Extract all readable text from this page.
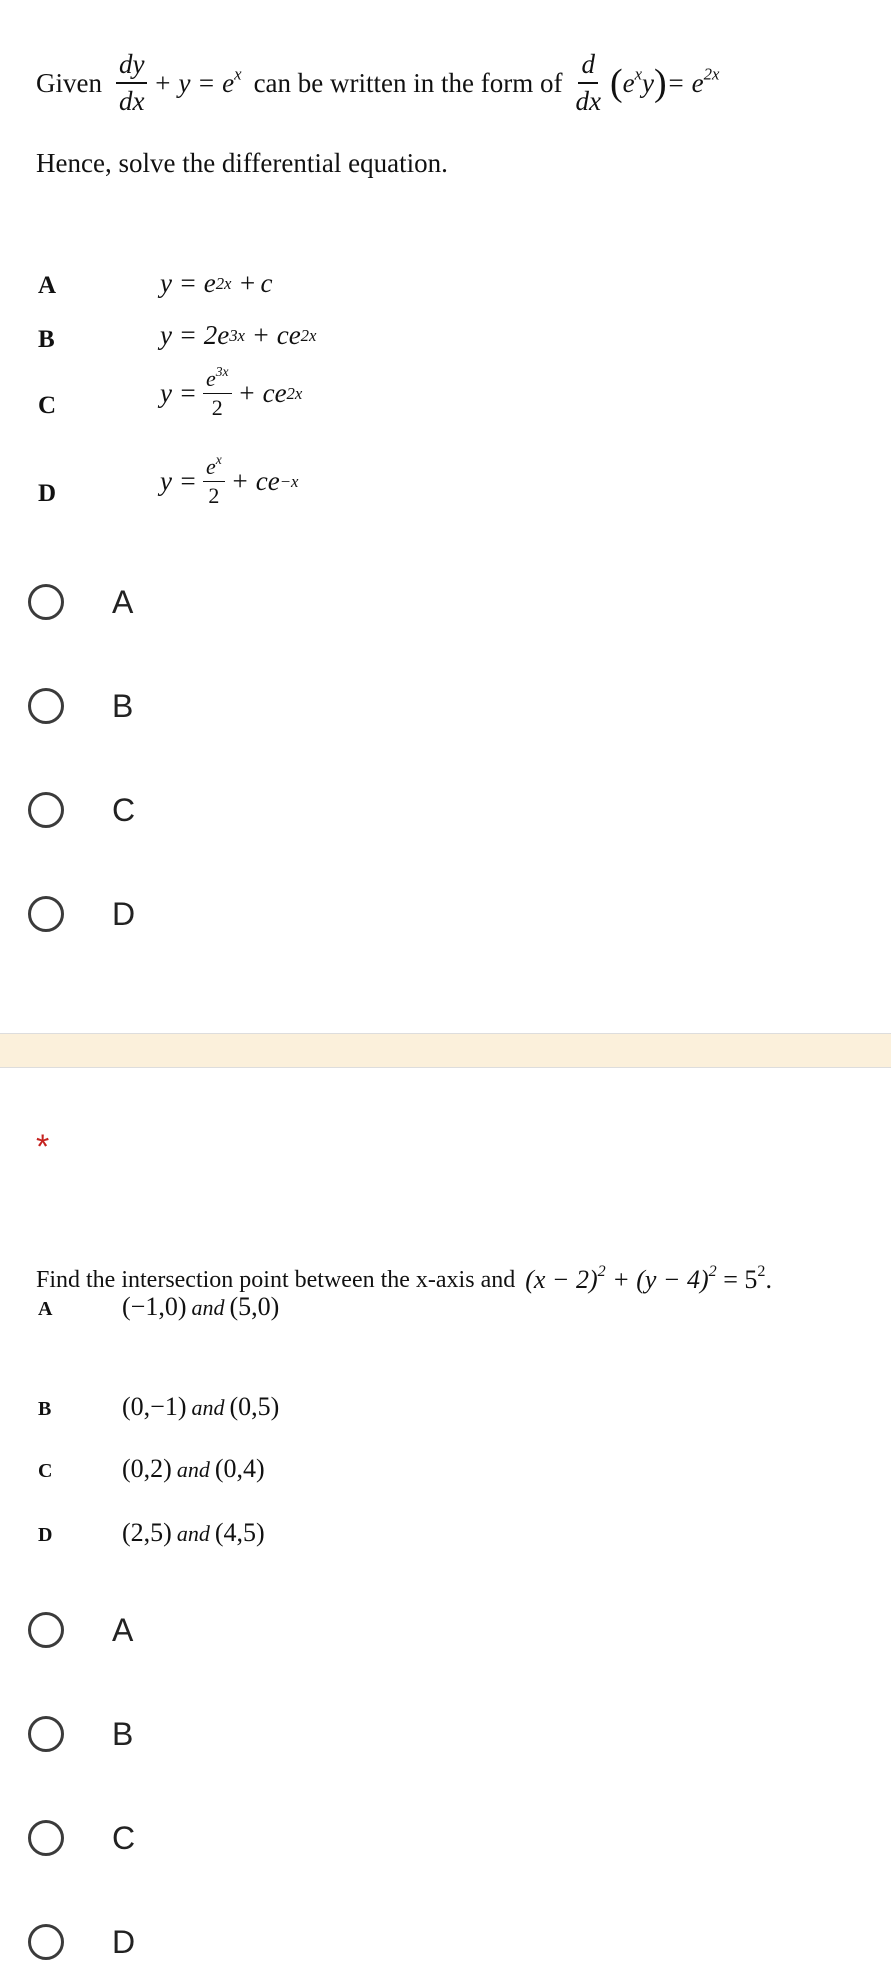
Given $\frac{dy}{dx} + y = e^x$ can be written in the form of $\frac{d}{dx}$ ( $e^xy$ ) = $e^{2x}$
Hence, solve the differential equation.
A	y = e 2x + c
B	y = 2e 3x + ce 2x
C	$y = \frac{e^{3x}}{2}$ + ce 2x
D	$y = \frac{e^x}{2}$ + ce −x
A
B
C
D
*
Find the intersection point between the x-axis and $(x - 2)^2 + (y - 4)^2 = 5^2$.
A	(−1,0) and (5,0)
B	(0,−1) and (0,5)
C	(0,2) and (0,4)
D	(2,5) and (4,5)
A
B
C
D
